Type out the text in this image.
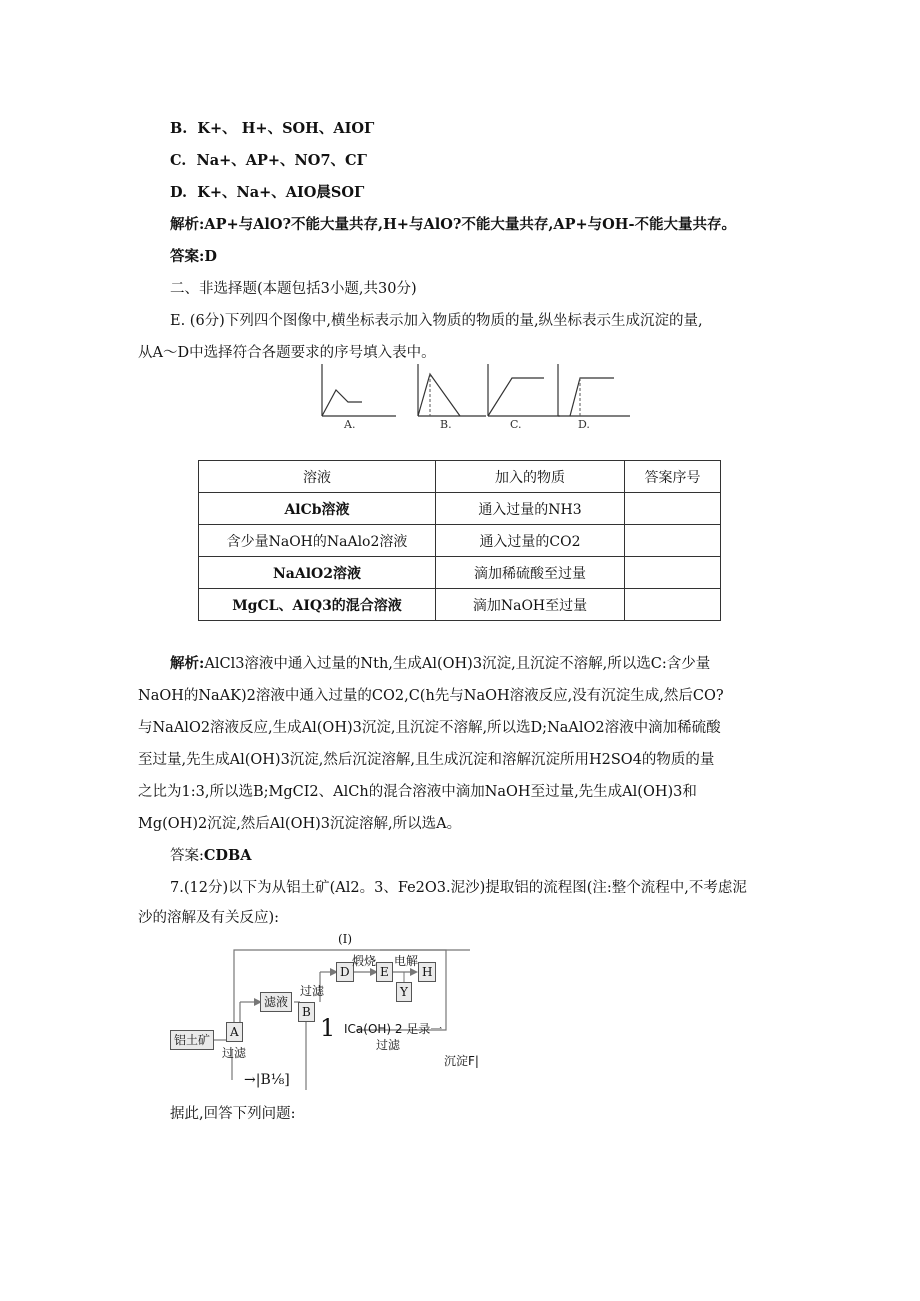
B. K+、 H+、SOH、AIOΓ
C. Na+、AP+、NO7、CΓ
D. K+、Na+、AIO晨SOΓ
解析:AP+与AlO?不能大量共存,H+与AlO?不能大量共存,AP+与OH-不能大量共存。
答案:D
二、非选择题(本题包括3小题,共30分)
E. (6分)下列四个图像中,横坐标表示加入物质的物质的量,纵坐标表示生成沉淀的量,
从A～D中选择符合各题要求的序号填入表中。
A.	B.	C.	D.
溶液	加入的物质	答案序号
AlCb溶液	通入过量的NH3	
含少量NaOH的NaAlo2溶液	通入过量的CO2	
NaAlO2溶液	滴加稀硫酸至过量	
MgCL、AIQ3的混合溶液	滴加NaOH至过量	
解析:AlCl3溶液中通入过量的Nth,生成Al(OH)3沉淀,且沉淀不溶解,所以选C:含少量
NaOH的NaAK)2溶液中通入过量的CO2,C(h先与NaOH溶液反应,没有沉淀生成,然后CO?
与NaAlO2溶液反应,生成Al(OH)3沉淀,且沉淀不溶解,所以选D;NaAlO2溶液中滴加稀硫酸
至过量,先生成Al(OH)3沉淀,然后沉淀溶解,且生成沉淀和溶解沉淀所用H2SO4的物质的量
之比为1:3,所以选B;MgCI2、AlCh的混合溶液中滴加NaOH至过量,先生成Al(OH)3和
Mg(OH)2沉淀,然后Al(OH)3沉淀溶解,所以选A。
答案:CDBA
7.(12分)以下为从铝土矿(Al2。3、Fe2O3.泥沙)提取铝的流程图(注:整个流程中,不考虑泥
沙的溶解及有关反应):
(Ⅰ)
铝土矿
A
过滤
滤液
过滤
B
D
煅烧
E
电解
Y
H
1 ICa(OH) 2 足录一
过滤
沉淀F|
→|B⅛]
据此,回答下列问题:
